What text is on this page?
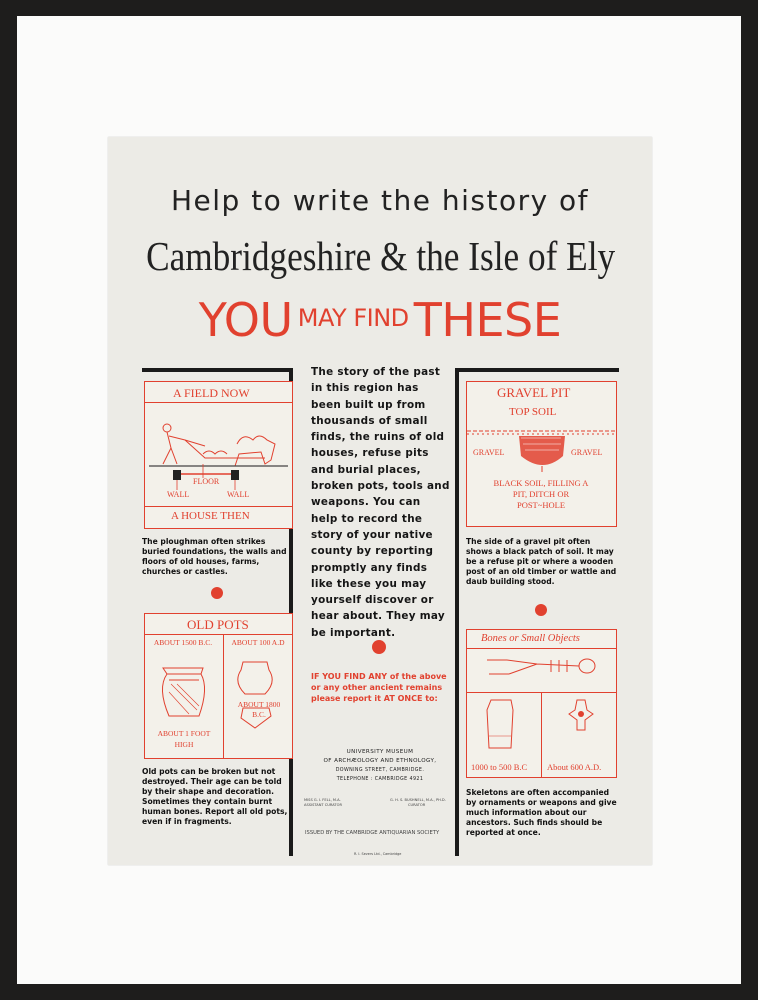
Help to write the history of
Cambridgeshire & the Isle of Ely
YOU MAY FIND THESE
A FIELD NOW
FLOOR
WALL	WALL
A HOUSE THEN
The ploughman often strikes buried foundations, the walls and floors of old houses, farms, churches or castles.
OLD POTS
ABOUT 1500 B.C.	ABOUT 100 A.D
ABOUT 1800 B.C.
ABOUT 1 FOOT HIGH
Old pots can be broken but not destroyed. Their age can be told by their shape and decoration. Sometimes they contain burnt human bones. Report all old pots, even if in fragments.
The story of the past in this region has been built up from thousands of small finds, the ruins of old houses, refuse pits and burial places, broken pots, tools and weapons. You can help to record the story of your native county by reporting promptly any finds like these you may yourself discover or hear about. They may be important.
IF YOU FIND ANY of the above or any other ancient remains please report it AT ONCE to:
UNIVERSITY MUSEUM
OF ARCHÆOLOGY AND ETHNOLOGY,
DOWNING STREET, CAMBRIDGE.
TELEPHONE : CAMBRIDGE 4921
MISS G. I. FELL, M.A.
ASSISTANT CURATOR
G. H. S. BUSHNELL, M.A., PH.D.
CURATOR
ISSUED BY THE CAMBRIDGE ANTIQUARIAN SOCIETY
R. I. Severs Ltd., Cambridge
GRAVEL PIT
TOP SOIL
GRAVEL	GRAVEL
BLACK SOIL, FILLING A PIT, DITCH OR POST~HOLE
The side of a gravel pit often shows a black patch of soil. It may be a refuse pit or where a wooden post of an old timber or wattle and daub building stood.
Bones or Small Objects
1000 to 500 B.C About 600 A.D.
Skeletons are often accompanied by ornaments or weapons and give much information about our ancestors. Such finds should be reported at once.
